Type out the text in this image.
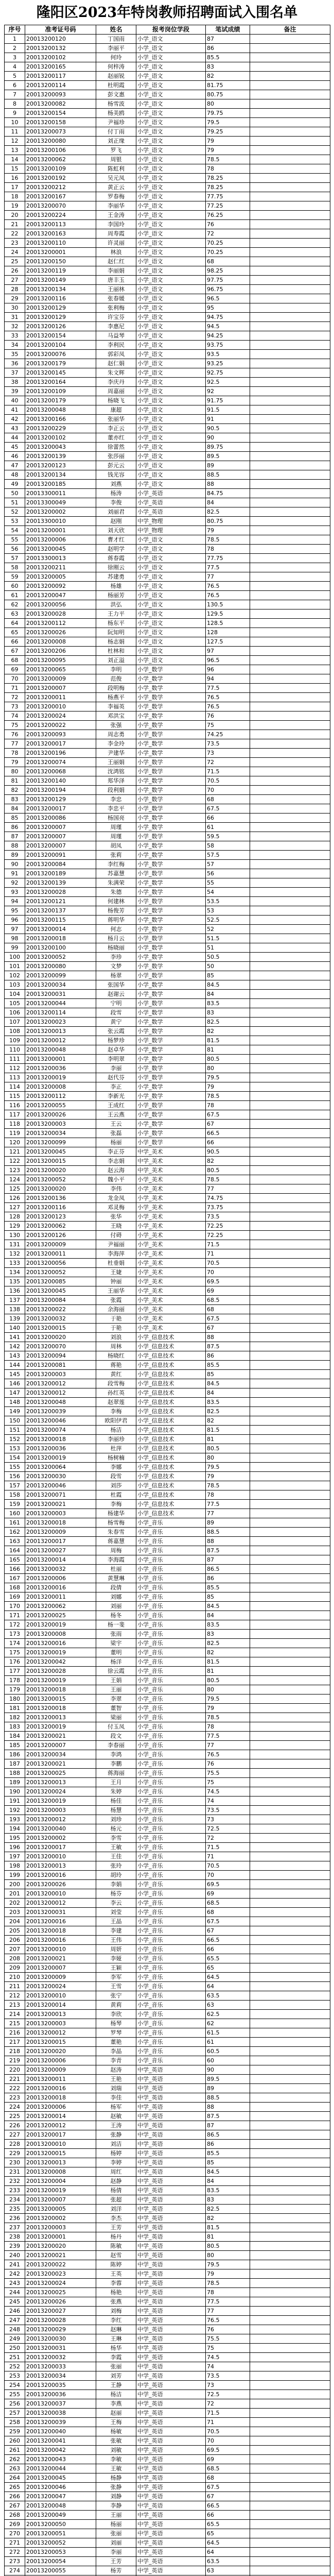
隆阳区2023年特岗教师招聘面试入围名单
序号	准考证号码	姓名	报考岗位学段	笔试成绩	备注
1	20013200120	丁国雨	小学_语文	87	
2	20013200132	李丽平	小学_语文	86	
3	20013200102	何玲	小学_语文	85.5	
4	20013200165	何梓涛	小学_语文	83	
5	20013200117	赵丽锐	小学_语文	82	
6	20013200114	杜明霞	小学_语文	81.75	
7	20013200093	彭文惠	小学_语文	80.75	
8	20013200082	杨雪波	小学_语文	80	
9	20013200154	杨美鸥	小学_语文	79.75	
10	20013200158	尹福珍	小学_语文	79.5	
11	20013200073	付丁雨	小学_语文	79.25	
12	20013200080	刘正缘	小学_语文	79	
13	20013200106	罗飞	小学_语文	79	
14	20013200062	周银	小学_语文	78.5	
15	20013200109	陈虹利	小学_语文	78	
16	20013200192	吴元凤	小学_语文	78.25	
17	20013200212	黄正云	小学_语文	78.25	
18	20013200167	罗春梅	小学_语文	77.75	
19	20013200070	李丽华	小学_语文	77.25	
20	20013200224	王金涛	小学_语文	76.25	
21	20013200113	李国玲	小学_语文	76	
22	20013200163	周寿霞	小学_语文	72	
23	20013200110	许灵丽	小学_语文	70.25	
24	20013200001	林浪	小学_语文	70.25	
25	20013200150	赵仁红	小学_语文	68	
26	20013200119	李丽娟	小学_语文	98.25	
27	20013200149	唐丰玉	小学_语文	97.75	
28	20013200134	王丽林	小学_语文	96.75	
29	20013200116	张春媛	小学_语文	96.5	
30	20013200129	张利梅	小学_语文	95	
31	20013200129	许宝芬	小学_语文	94.75	
32	20013200126	李惠尼	小学_语文	94.5	
33	20013200154	马益琴	小学_语文	94.25	
34	20013200104	李利民	小学_语文	93.75	
35	20013200076	郭彩凤	小学_语文	93.5	
36	20013200179	赵仁娟	小学_语文	93.25	
37	20013200145	朱文辉	小学_语文	92.75	
38	20013200164	李庆丹	小学_语文	92.5	
39	20013200109	周嘉丽	小学_语文	92	
40	20013200179	杨晓飞	小学_语文	91.75	
41	20013200048	康超	小学_语文	91.5	
42	20013200166	张丽华	小学_语文	91	
43	20013200229	李正云	小学_语文	90.5	
44	20013200102	董亦红	小学_语文	90	
45	20013200043	徐蕾然	小学_语文	89.75	
46	20013200139	张莎丽	小学_语文	89.5	
47	20013200123	彭元云	小学_语文	89	
48	20013200134	钱光容	小学_语文	88.5	
49	20013200185	刘燕	小学_语文	88	
50	20013300011	杨涛	小学_英语	84.75	
51	20013300049	李俊	小学_英语	84	
52	20013200002	刘丽君	小学_英语	82.5	
53	20013300010	赵刚	中学_物理	80.75	
54	20013200001	刘天欣	中学_物理	79	
55	20013200006	曹才红	小学_语文	78.5	
56	20013200045	赵明学	小学_语文	78	
57	20013300013	蒋春霞	小学_语文	77.75	
58	20013200211	徐刚云	小学_语文	77.5	
59	20013200005	苏建勇	小学_语文	77	
60	20013200092	杨雄	小学_语文	76.5	
61	20013200047	杨丽芳	小学_语文	76.5	
62	20013200056	洪弘	小学_语文	130.5	
63	20013200028	王力平	小学_语文	129.5	
64	20013200112	杨东平	小学_语文	128.5	
65	20013200026	阮知明	小学_语文	128	
66	20013200008	杨志娟	小学_语文	127.5	
67	20013200206	杜林和	小学_语文	97	
68	20013200095	刘正溢	小学_语文	96.5	
69	20013200065	李明	小学_数学	96	
70	20013200009	范俊	小学_数学	94	
71	20013200007	段明梅	小学_数学	77.5	
72	20013200011	杨燕平	小学_数学	76.5	
73	20013200010	李福英	小学_数学	76.5	
74	20013200024	邓洪宝	小学_数学	76	
75	20013200022	张强	小学_数学	75	
76	20013200093	周志勇	小学_数学	74.25	
77	20013200017	李金玲	小学_数学	73.5	
78	20013200196	尹建华	小学_数学	73	
79	20013200074	王丽娟	小学_数学	72	
80	20013200068	沈鸿铭	小学_数学	71.5	
81	20013200140	郑华泽	小学_数学	70.5	
82	20013200194	段利娟	小学_数学	70	
83	20013200129	李忠	小学_数学	68	
84	20013200017	李忠平	小学_数学	67.5	
85	20013200086	杨国亮	小学_数学	66	
86	20013200007	周瑾	小学_数学	61	
87	20013200007	周瑾	小学_数学	59.5	
88	20013200007	胡凤	小学_数学	58	
89	20013200091	张莉	小学_数学	57.5	
90	20013200084	李红梅	小学_数学	57	
91	20013200189	苏嘉慧	小学_数学	56	
92	20013200139	朱满荣	小学_数学	55	
93	20013200028	朱德	小学_数学	54	
94	20013200121	何建林	小学_数学	53.5	
95	20013200137	杨俊芳	小学_数学	53	
96	20013200115	蒋明华	小学_数学	52.5	
97	20013200014	何志	小学_数学	52	
98	20013200018	杨月云	小学_数学	51.5	
99	20013200100	杨晓丽	小学_数学	51	
100	20013200052	李珍	小学_数学	50.5	
101	20013200080	文梦	小学_数学	50	
102	20013200099	杨翠	小学_数学	85	
103	20013200034	张国华	小学_数学	84.5	
104	20013200031	赵谢云	小学_数学	84	
105	20013200044	宁明	小学_数学	83.5	
106	20013200114	段雪	小学_数学	83	
107	20013200023	黄宁	小学_数学	82.5	
108	20013200013	张云霞	小学_数学	82	
109	20013200012	杨梦珍	小学_数学	81.5	
110	20013200048	赵卓华	小学_数学	81	
111	20013200001	李明翠	小学_数学	80.5	
112	20013200036	李丽	小学_数学	80	
113	20013200019	赵代芬	小学_数学	79.5	
114	20013200008	李正	小学_数学	79	
115	20013200112	李新光	小学_数学	78.5	
116	20013200055	王成红	小学_数学	78	
117	20013200026	王云燕	小学_数学	67.5	
118	20013200003	王云	小学_数学	67	
119	20013200034	张磊	小学_数学	66.5	
120	20013200099	杨丽	小学_数学	66	
121	20013200045	李正芬	中学_美术	90.5	
122	20013200015	李志娟	中学_美术	82	
123	20013200020	赵云海	中学_美术	80.5	
124	20013200052	魏小平	小学_美术	78.5	
125	20013200020	李伟	小学_美术	77	
126	20013200136	龙金凤	小学_美术	74.75	
127	20013200116	邓灵梅	小学_美术	73.75	
128	20013200123	张华	小学_美术	73.5	
129	20013200062	王晓	小学_美术	72.25	
130	20013200126	付碍	小学_美术	72.25	
131	20013200009	尹福丽	小学_美术	71.5	
132	20013200011	李海萍	小学_美术	71	
133	20013200056	杜垂娟	小学_美术	70.5	
134	20013200052	王婕	小学_美术	70	
135	20013200085	钟丽	小学_美术	69.5	
136	20013200045	王丽华	小学_美术	69	
137	20013200084	张霞	小学_美术	68.5	
138	20013200022	余海丽	小学_美术	68	
139	20013200032	于艳	小学_美术	67.5	
140	20013200015	于艳	小学_美术	67	
141	20013200020	刘浪	小学_信息技术	88	
142	20013200070	周林	小学_信息技术	87.5	
143	20013200094	杨晓红	小学_信息技术	86	
144	20013200081	蒋艳	小学_信息技术	85.5	
145	20013200003	黄红	小学_信息技术	85	
146	20013200012	段雪梅	小学_信息技术	84.5	
147	20013200012	孙红英	小学_信息技术	84	
148	20013200048	赵翠莲	小学_信息技术	83.5	
149	20013200039	李梅	小学_信息技术	82.5	
150	20013200046	欧阳伊君	小学_信息技术	82	
151	20013200074	杨洁	小学_信息技术	81.5	
152	20013200018	李丽珍	小学_信息技术	81	
153	20013200036	杜萍	小学_信息技术	80.5	
154	20013200019	杨树楠	小学_信息技术	80	
155	20013200064	李娜	小学_信息技术	79.5	
156	20013200030	段雪	小学_信息技术	79	
157	20013200046	刘莎	小学_信息技术	78.5	
158	20013200071	杜霞	小学_信息技术	78	
159	20013200021	李梅	小学_信息技术	77.5	
160	20013200003	杨建华	小学_信息技术	77	
161	20013200018	杨雪梅	小学_音乐	89	
162	20013200009	朱春雪	小学_音乐	88.5	
163	20013200017	蒋嘉慧	小学_音乐	88	
164	20013200027	周梅	小学_音乐	87.5	
165	20013200014	李海霞	小学_音乐	87	
166	20013200032	杜丽	小学_音乐	86.5	
167	20013200006	黄慧琳	小学_音乐	86	
168	20013200016	段倩	小学_音乐	85.5	
169	20013200011	刘娜	小学_音乐	85	
170	20013200062	刘丽	小学_音乐	84.5	
171	20013200025	杨冬	小学_音乐	84	
172	20013200019	杨一斐	小学_音乐	83.5	
173	20013200008	张雨	小学_音乐	83	
174	20013200016	梁宇	小学_音乐	82.5	
175	20013200019	董明	小学_音乐	82	
176	20013200042	杨洋	小学_音乐	81.5	
177	20013200028	徐云霞	小学_音乐	81	
178	20013200019	王娟	小学_音乐	80.5	
179	20013200018	王丽	小学_音乐	80	
180	20013200015	李翠	小学_音乐	79.5	
181	20013200018	董智	小学_音乐	79	
182	20013200013	梁丽	小学_音乐	78.5	
183	20013200019	付玉凤	小学_音乐	78	
184	20013200021	段文	小学_音乐	77.5	
185	20013200007	李春丽	小学_音乐	77	
186	20013200034	李鸿	小学_音乐	76.5	
187	20013200021	李鹏	小学_音乐	76	
188	20013200025	蒋海丽	小学_音乐	75.5	
189	20013200013	王月	小学_音乐	75	
190	20013200024	朱婷	小学_音乐	74.5	
191	20013200019	杨佳	小学_音乐	74	
192	20013200003	杨慧	小学_音乐	73.5	
193	20013200012	刘珍	小学_音乐	73	
194	20013200040	杨元	小学_音乐	72.5	
195	20013200002	李雪	小学_音乐	72	
196	20013200017	王敏	小学_音乐	71.5	
197	20013200010	王佳	小学_音乐	71	
198	20013200013	张玲	小学_音乐	70.5	
199	20013200016	胡玲	小学_音乐	70	
200	20013200026	李娟	小学_音乐	69.5	
201	20013200010	杨芬	小学_音乐	69	
202	20013200012	李云	小学_音乐	68.5	
203	20013200031	刘莹	小学_音乐	68	
204	20013200016	王晶	小学_音乐	67.5	
205	20013200018	李建	小学_音乐	67	
206	20013200016	王伟	小学_音乐	66.5	
207	20013200010	周妍	小学_音乐	66	
208	20013200021	李娅	小学_音乐	65.5	
209	20013200007	王颖	小学_音乐	65	
210	20013200009	李军	小学_音乐	64.5	
211	20013200024	王雪	小学_音乐	64	
212	20013200010	张宁	小学_音乐	63.5	
213	20013200014	黄莉	小学_音乐	63	
214	20013200013	李欣	小学_音乐	62.5	
215	20013200003	杨琴	小学_音乐	62	
216	20013200012	罗琴	小学_音乐	61.5	
217	20013200015	董艳	小学_音乐	61	
218	20013200020	李晶	小学_音乐	60.5	
219	20013200006	李青	小学_音乐	60	
220	20013200009	赵涛	中学_英语	90	
221	20013200011	王艳	中学_英语	89.5	
222	20013200016	刘瑞	中学_英语	89	
223	20013200018	李佳	中学_英语	88.5	
224	20013200006	杨军	中学_英语	88	
225	20013200014	赵敏	中学_英语	87.5	
226	20013200012	王涛	中学_英语	87	
227	20013200017	张静	中学_英语	86.5	
228	20013200010	刘洁	中学_英语	86	
229	20013200015	杨婷	中学_英语	85.5	
230	20013200013	李婷	中学_英语	85	
231	20013200008	周红	中学_英语	84.5	
232	20013200004	赵静	中学_英语	84	
233	20013200019	杨倩	中学_英语	83.5	
234	20013200007	张超	中学_英语	83	
235	20013200005	刘洋	中学_英语	82.5	
236	20013200002	李杰	中学_英语	82	
237	20013200003	王芳	中学_英语	81.5	
238	20013200001	杨丹	中学_英语	81	
239	20013200020	陈敏	中学_英语	80.5	
240	20013200021	赵雪	中学_英语	80	
241	20013200022	陈婷	中学_英语	79.5	
242	20013200023	王英	中学_英语	79	
243	20013200024	李蓉	中学_英语	78.5	
244	20013200025	杨艳	中学_英语	78	
245	20013200026	张燕	中学_英语	77.5	
246	20013200027	刘梅	中学_英语	77	
247	20013200028	李红	中学_英语	76.5	
248	20013200029	赵琳	中学_英语	76	
249	20013200030	王琳	中学_英语	75.5	
250	20013200031	杨华	中学_英语	75	
251	20013200032	李霞	中学_英语	74.5	
252	20013200033	张丽	中学_英语	74	
253	20013200034	刘芳	中学_英语	73.5	
254	20013200035	王静	中学_英语	73	
255	20013200036	杨洁	中学_英语	72.5	
256	20013200037	李燕	中学_英语	72	
257	20013200038	赵丽	中学_英语	71.5	
258	20013200039	王梅	中学_英语	71	
259	20013200040	杨敏	中学_英语	70.5	
260	20013200041	张敏	中学_英语	70	
261	20013200042	刘敏	中学_英语	69.5	
262	20013200043	李敏	中学_英语	69	
263	20013200044	王敏	中学_英语	68.5	
264	20013200045	杨静	中学_英语	68	
265	20013200046	张静	中学_英语	67.5	
266	20013200047	刘静	中学_英语	67	
267	20013200048	李静	中学_英语	66.5	
268	20013200049	王丽	中学_英语	66	
269	20013200050	杨丽	中学_英语	65.5	
270	20013200051	张丽	中学_英语	65	
271	20013200052	刘丽	中学_英语	64.5	
272	20013200053	李丽	中学_英语	64	
273	20013200054	王芳	中学_英语	63.5	
274	20013200055	杨芳	中学_英语	63	
